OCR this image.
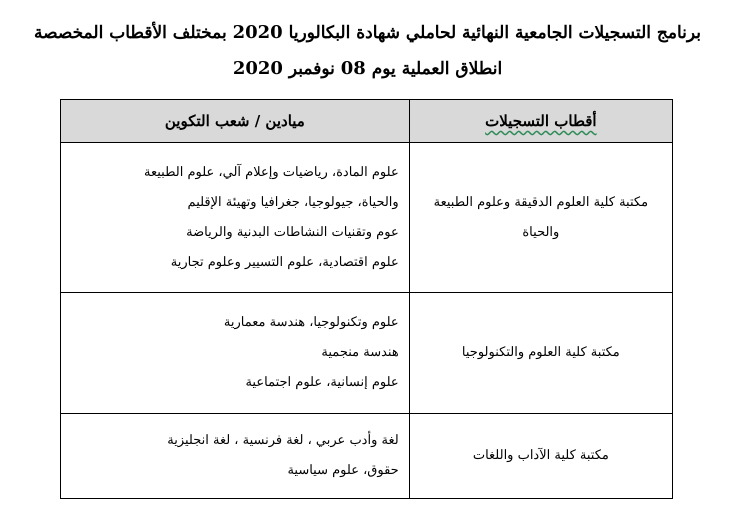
برنامج التسجيلات الجامعية النهائية لحاملي شهادة البكالوريا 2020 بمختلف الأقطاب المخصصة
انطلاق العملية يوم 08 نوفمبر 2020
أقطاب التسجيلات	ميادين / شعب التكوين
مكتبة كلية العلوم الدقيقة وعلوم الطبيعة والحياة	علوم المادة، رياضيات وإعلام آلي، علوم الطبيعة
والحياة، جيولوجيا، جغرافيا وتهيئة الإقليم
عوم وتقنيات النشاطات البدنية والرياضة
علوم اقتصادية، علوم التسيير وعلوم تجارية

مكتبة كلية العلوم والتكنولوجيا	علوم وتكنولوجيا، هندسة معمارية
هندسة منجمية
علوم إنسانية، علوم اجتماعية

مكتبة كلية الآداب واللغات	لغة وأدب عربي ، لغة فرنسية ، لغة انجليزية
حقوق، علوم سياسية
